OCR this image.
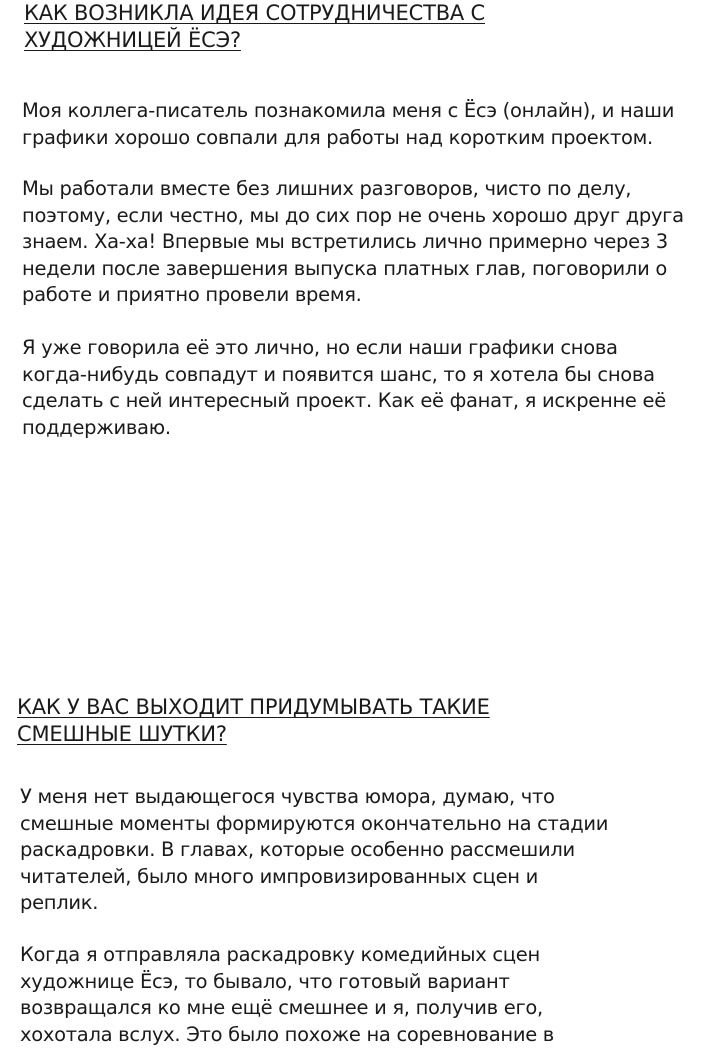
КАК ВОЗНИКЛА ИДЕЯ СОТРУДНИЧЕСТВА С
ХУДОЖНИЦЕЙ ЁСЭ?

Моя коллега-писатель познакомила меня с Ёсэ (онлайн), и наши
графики хорошо совпали для работы над коротким проектом.

Мы работали вместе без лишних разговоров, чисто по делу,
поэтому, если честно, мы до сих пор не очень хорошо друг друга
знаем. Ха-ха! Впервые мы встретились лично примерно через 3
недели после завершения выпуска платных глав, поговорили о
работе и приятно провели время.

Я уже говорила её это лично, но если наши графики снова
когда-нибудь совпадут и появится шанс, то я хотела бы снова
сделать с ней интересный проект. Как её фанат, я искренне её
поддерживаю.

КАК У ВАС ВЫХОДИТ ПРИДУМЫВАТЬ ТАКИЕ
СМЕШНЫЕ ШУТКИ?

У меня нет выдающегося чувства юмора, думаю, что
смешные моменты формируются окончательно на стадии
раскадровки. В главах, которые особенно рассмешили
читателей, было много импровизированных сцен и
реплик.

Когда я отправляла раскадровку комедийных сцен
художнице Ёсэ, то бывало, что готовый вариант
возвращался ко мне ещё смешнее и я, получив его,
хохотала вслух. Это было похоже на соревнование в
